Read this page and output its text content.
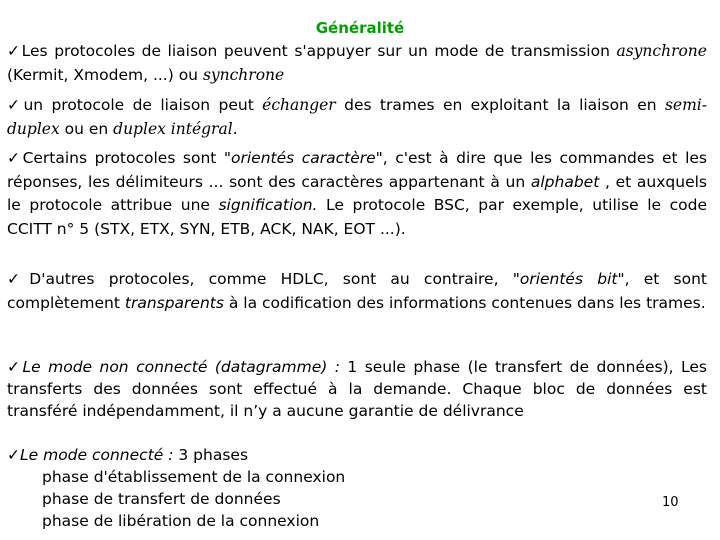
Généralité
✓Les protocoles de liaison peuvent s'appuyer sur un mode de transmission asynchrone (Kermit, Xmodem, ...) ou synchrone
✓un protocole de liaison peut échanger des trames en exploitant la liaison en semi-duplex ou en duplex intégral.
✓Certains protocoles sont "orientés caractère", c'est à dire que les commandes et les réponses, les délimiteurs ... sont des caractères appartenant à un alphabet , et auxquels le protocole attribue une signification. Le protocole BSC, par exemple, utilise le code CCITT n° 5 (STX, ETX, SYN, ETB, ACK, NAK, EOT ...).
✓D'autres protocoles, comme HDLC, sont au contraire, "orientés bit", et sont complètement transparents à la codification des informations contenues dans les trames.
✓Le mode non connecté (datagramme) : 1 seule phase (le transfert de données), Les transferts des données sont effectué à la demande. Chaque bloc de données est transféré indépendamment, il n’y a aucune garantie de délivrance
✓Le mode connecté : 3 phases
phase d'établissement de la connexion
phase de transfert de données
phase de libération de la connexion
10
